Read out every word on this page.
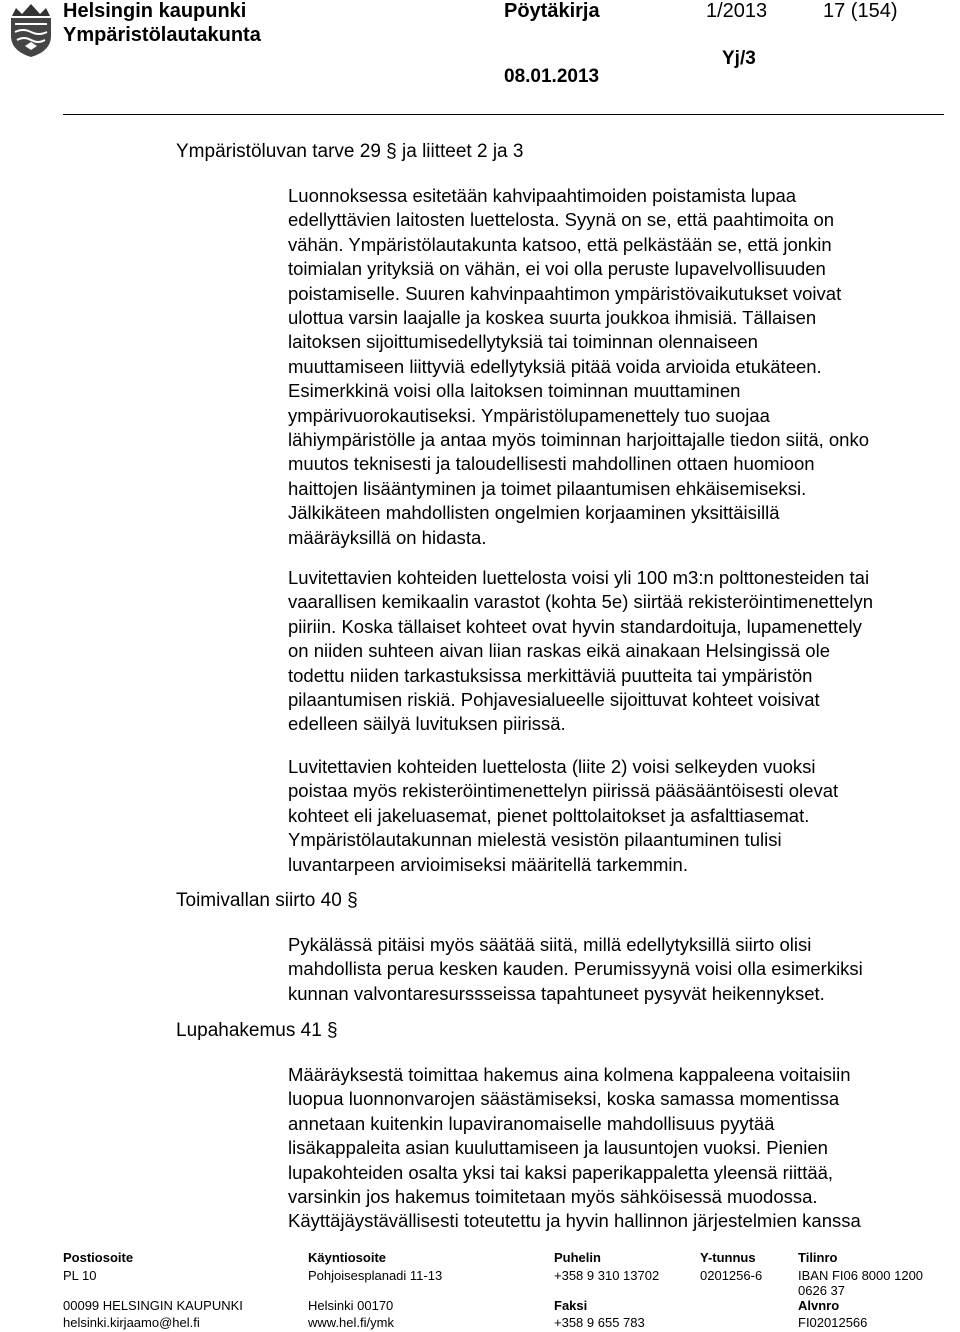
Helsingin kaupunki
Ympäristölautakunta
Pöytäkirja	1/2013	17 (154)
Yj/3
08.01.2013
Ympäristöluvan tarve 29 § ja liitteet 2 ja 3
Toimivallan siirto 40 §
Lupahakemus 41 §
Luonnoksessa esitetään kahvipaahtimoiden poistamista lupaa
edellyttävien laitosten luettelosta. Syynä on se, että paahtimoita on
vähän. Ympäristölautakunta katsoo, että pelkästään se, että jonkin
toimialan yrityksiä on vähän, ei voi olla peruste lupavelvollisuuden
poistamiselle. Suuren kahvinpaahtimon ympäristövaikutukset voivat
ulottua varsin laajalle ja koskea suurta joukkoa ihmisiä. Tällaisen
laitoksen sijoittumisedellytyksiä tai toiminnan olennaiseen
muuttamiseen liittyviä edellytyksiä pitää voida arvioida etukäteen.
Esimerkkinä voisi olla laitoksen toiminnan muuttaminen
ympärivuorokautiseksi. Ympäristölupamenettely tuo suojaa
lähiympäristölle ja antaa myös toiminnan harjoittajalle tiedon siitä, onko
muutos teknisesti ja taloudellisesti mahdollinen ottaen huomioon
haittojen lisääntyminen ja toimet pilaantumisen ehkäisemiseksi.
Jälkikäteen mahdollisten ongelmien korjaaminen yksittäisillä
määräyksillä on hidasta.
Luvitettavien kohteiden luettelosta voisi yli 100 m3:n polttonesteiden tai
vaarallisen kemikaalin varastot (kohta 5e) siirtää rekisteröintimenettelyn
piiriin. Koska tällaiset kohteet ovat hyvin standardoituja, lupamenettely
on niiden suhteen aivan liian raskas eikä ainakaan Helsingissä ole
todettu niiden tarkastuksissa merkittäviä puutteita tai ympäristön
pilaantumisen riskiä. Pohjavesialueelle sijoittuvat kohteet voisivat
edelleen säilyä luvituksen piirissä.
Luvitettavien kohteiden luettelosta (liite 2) voisi selkeyden vuoksi
poistaa myös rekisteröintimenettelyn piirissä pääsääntöisesti olevat
kohteet eli jakeluasemat, pienet polttolaitokset ja asfalttiasemat.
Ympäristölautakunnan mielestä vesistön pilaantuminen tulisi
luvantarpeen arvioimiseksi määritellä tarkemmin.
Pykälässä pitäisi myös säätää siitä, millä edellytyksillä siirto olisi
mahdollista perua kesken kauden. Perumissyynä voisi olla esimerkiksi
kunnan valvontaresurssseissa tapahtuneet pysyvät heikennykset.
Määräyksestä toimittaa hakemus aina kolmena kappaleena voitaisiin
luopua luonnonvarojen säästämiseksi, koska samassa momentissa
annetaan kuitenkin lupaviranomaiselle mahdollisuus pyytää
lisäkappaleita asian kuuluttamiseen ja lausuntojen vuoksi. Pienien
lupakohteiden osalta yksi tai kaksi paperikappaletta yleensä riittää,
varsinkin jos hakemus toimitetaan myös sähköisessä muodossa.
Käyttäjäystävällisesti toteutettu ja hyvin hallinnon järjestelmien kanssa
Postiosoite
PL 10
00099 HELSINGIN KAUPUNKI
helsinki.kirjaamo@hel.fi
Käyntiosoite
Pohjoisesplanadi 11-13
Helsinki 00170
www.hel.fi/ymk
Puhelin
+358 9 310 13702
Faksi
+358 9 655 783
Y-tunnus
0201256-6
Tilinro
IBAN FI06 8000 1200
0626 37
Alvnro
FI02012566
